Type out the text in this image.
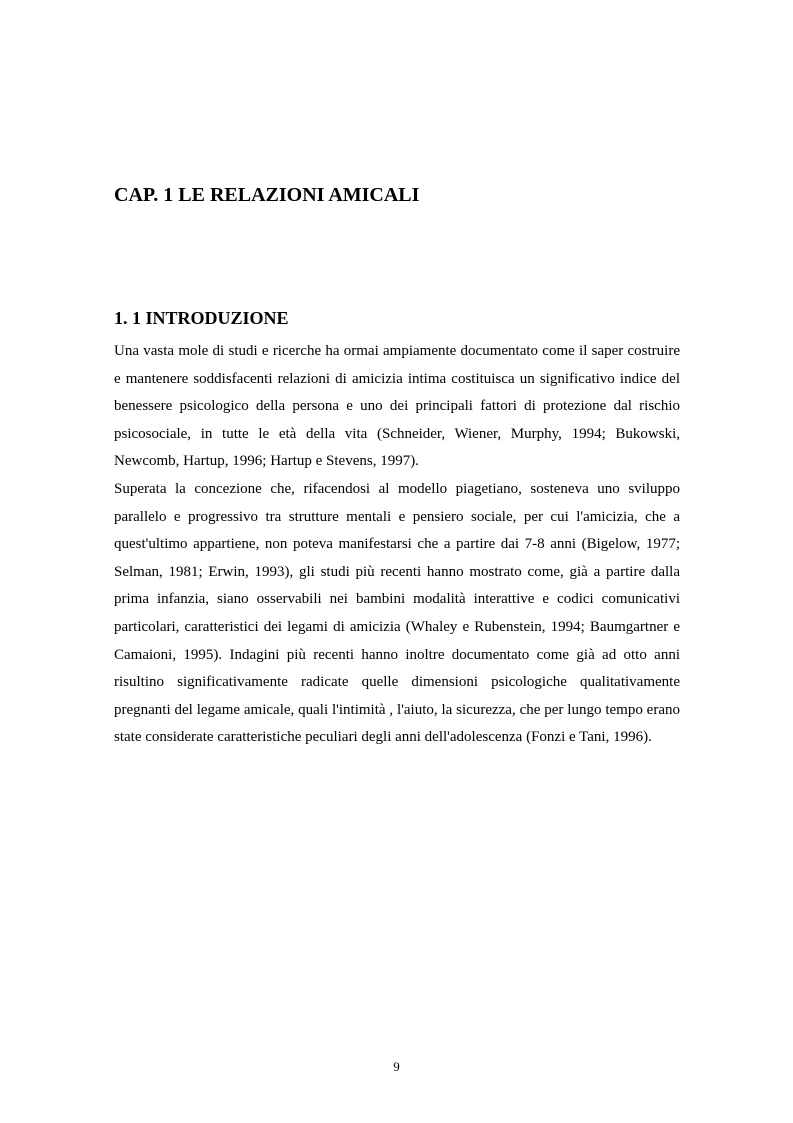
CAP. 1 LE RELAZIONI AMICALI
1. 1 INTRODUZIONE

Una vasta mole di studi e ricerche ha ormai ampiamente documentato come il saper costruire e mantenere soddisfacenti relazioni di amicizia intima costituisca un significativo indice del benessere psicologico della persona e uno dei principali fattori di protezione dal rischio psicosociale, in tutte le età della vita (Schneider, Wiener, Murphy, 1994; Bukowski, Newcomb, Hartup, 1996; Hartup e Stevens, 1997).

Superata la concezione che, rifacendosi al modello piagetiano, sosteneva uno sviluppo parallelo e progressivo tra strutture mentali e pensiero sociale, per cui l'amicizia, che a quest'ultimo appartiene, non poteva manifestarsi che a partire dai 7-8 anni (Bigelow, 1977; Selman, 1981; Erwin, 1993), gli studi più recenti hanno mostrato come, già a partire dalla prima infanzia, siano osservabili nei bambini modalità interattive e codici comunicativi particolari, caratteristici dei legami di amicizia (Whaley e Rubenstein, 1994; Baumgartner e Camaioni, 1995). Indagini più recenti hanno inoltre documentato come già ad otto anni risultino significativamente radicate quelle dimensioni psicologiche qualitativamente pregnanti del legame amicale, quali l'intimità , l'aiuto, la sicurezza, che per lungo tempo erano state considerate caratteristiche peculiari degli anni dell'adolescenza (Fonzi e Tani, 1996).

9
